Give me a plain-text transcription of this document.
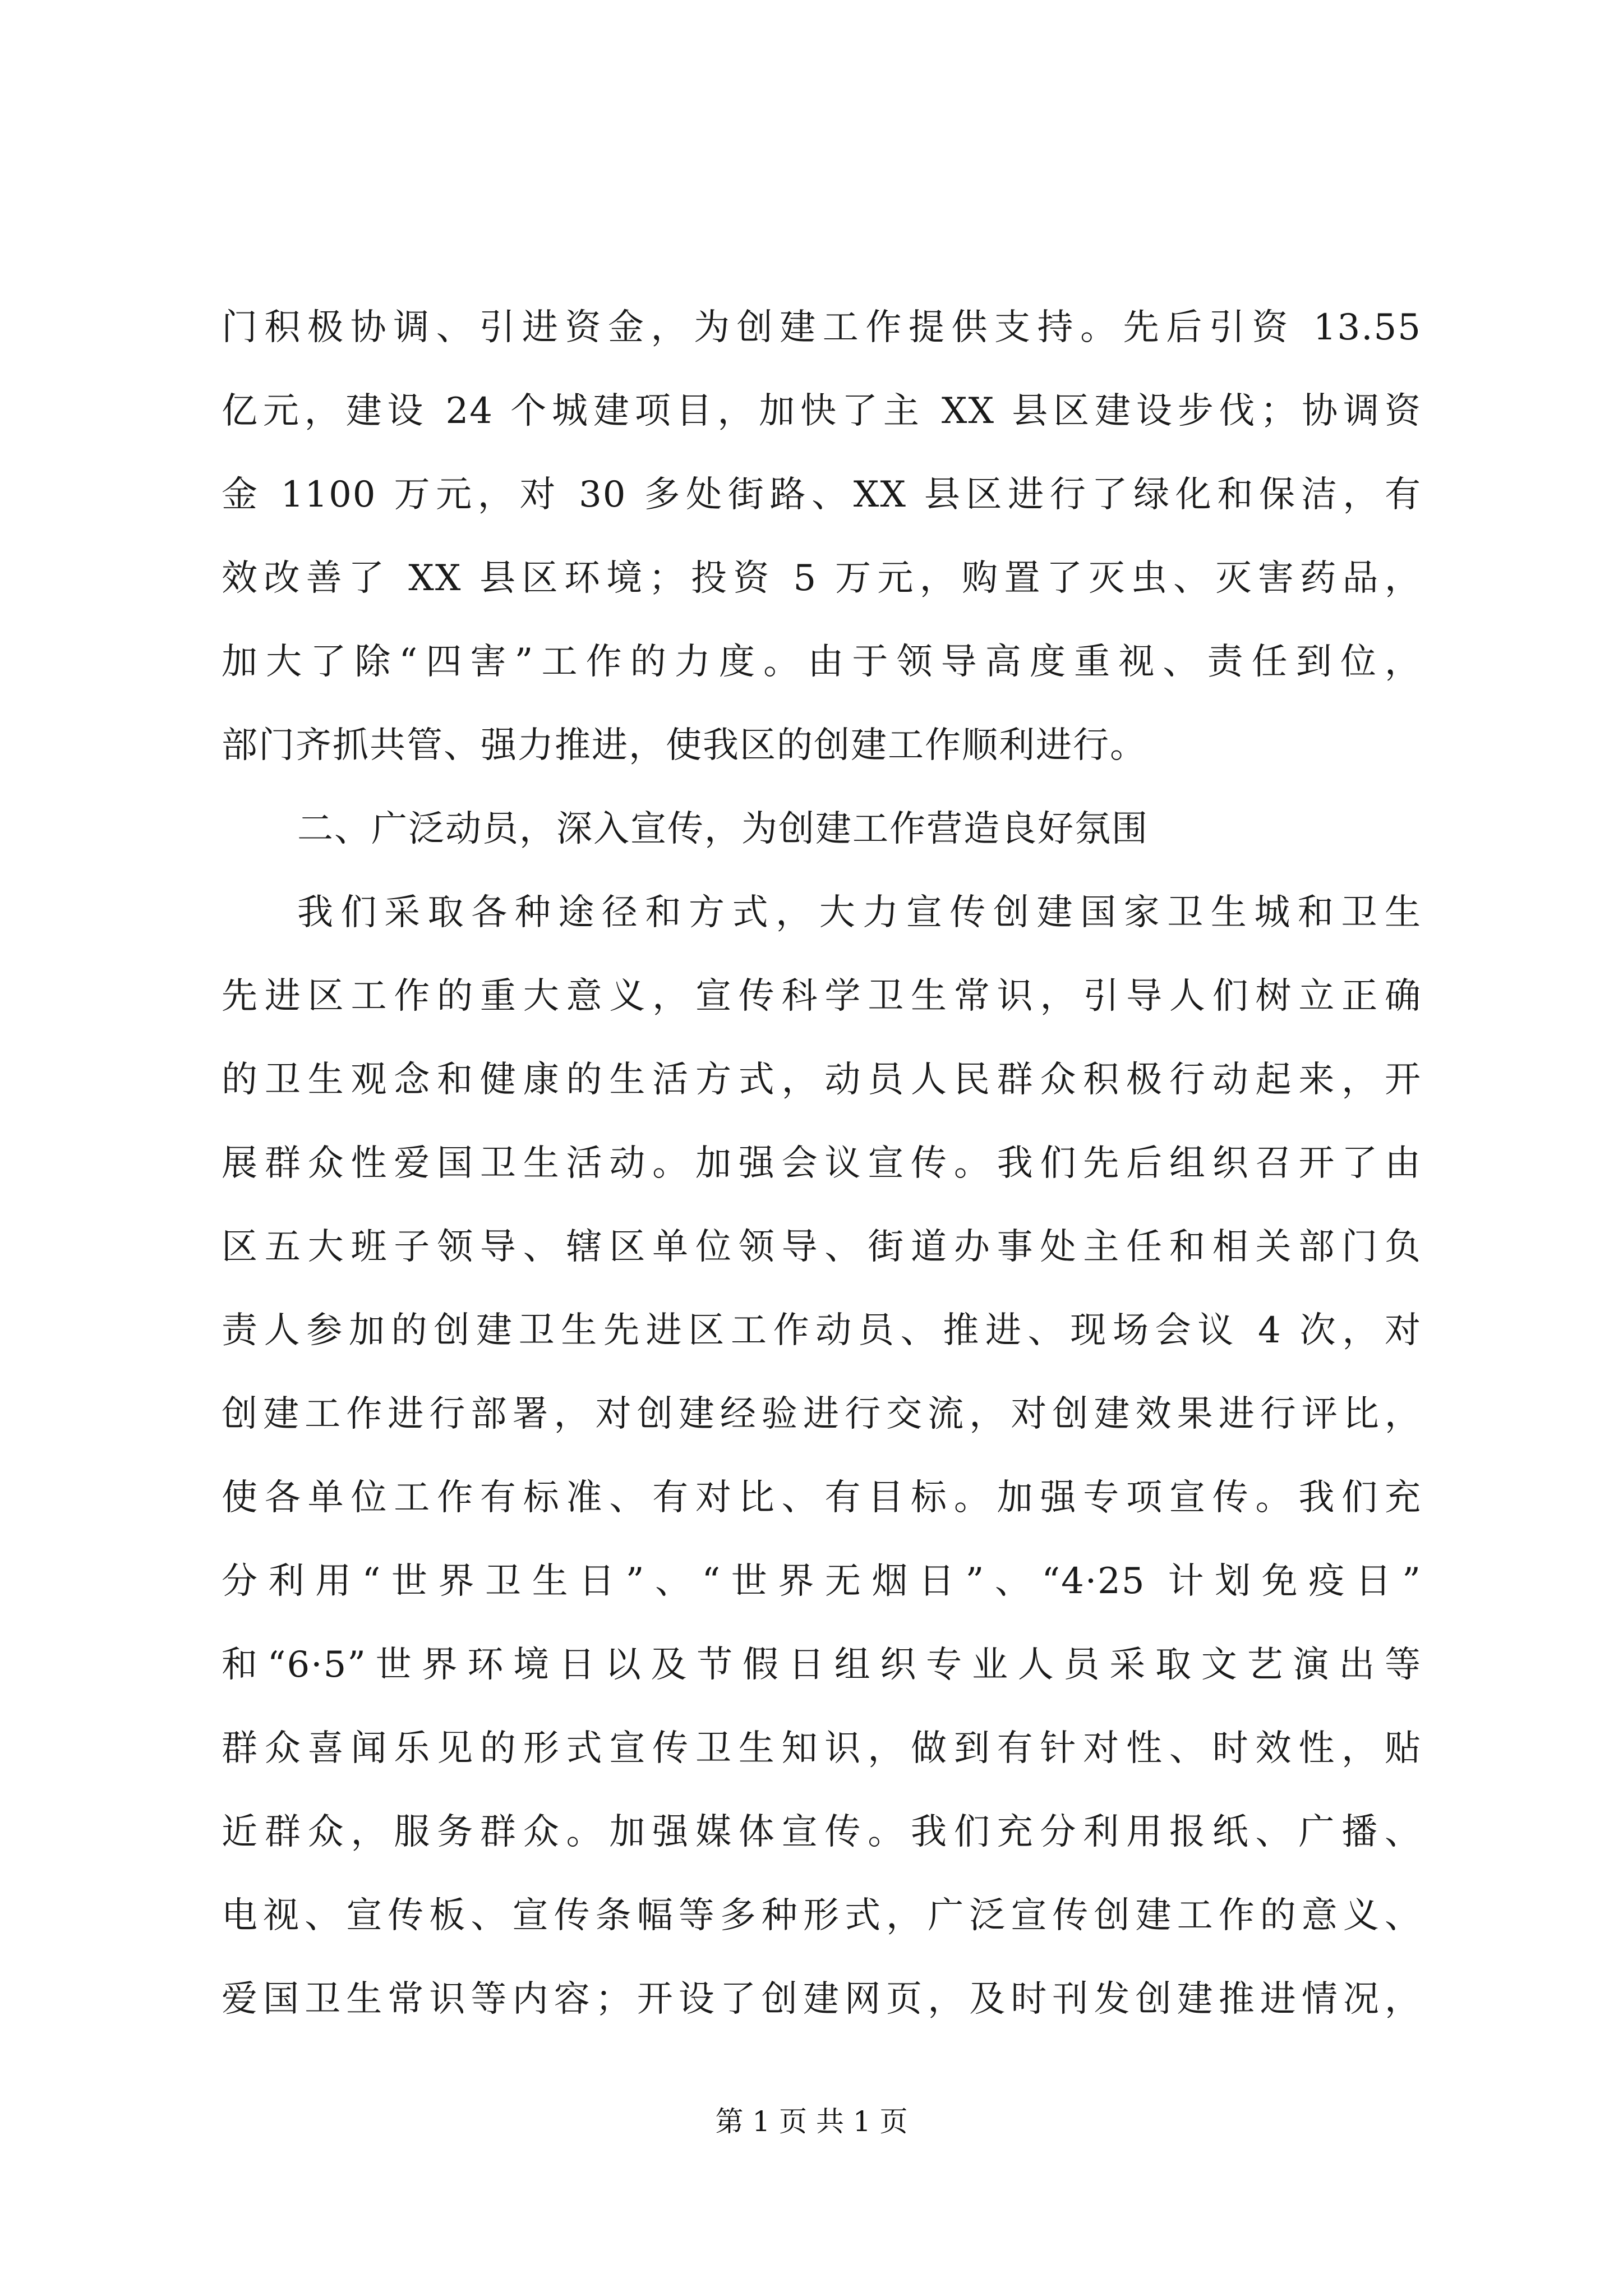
门积极协调、引进资金，为创建工作提供支持。先后引资 13.55
亿元，建设 24 个城建项目，加快了主 XX 县区建设步伐；协调资
金 1100 万元，对 30 多处街路、XX 县区进行了绿化和保洁，有
效改善了 XX 县区环境；投资 5 万元，购置了灭虫、灭害药品，
加大了除“四害”工作的力度。由于领导高度重视、责任到位，
部门齐抓共管、强力推进，使我区的创建工作顺利进行。
二、广泛动员，深入宣传，为创建工作营造良好氛围
我们采取各种途径和方式，大力宣传创建国家卫生城和卫生
先进区工作的重大意义，宣传科学卫生常识，引导人们树立正确
的卫生观念和健康的生活方式，动员人民群众积极行动起来，开
展群众性爱国卫生活动。加强会议宣传。我们先后组织召开了由
区五大班子领导、辖区单位领导、街道办事处主任和相关部门负
责人参加的创建卫生先进区工作动员、推进、现场会议 4 次，对
创建工作进行部署，对创建经验进行交流，对创建效果进行评比，
使各单位工作有标准、有对比、有目标。加强专项宣传。我们充
分利用“世界卫生日”、“世界无烟日”、“4·25 计划免疫日”
和“6·5”世界环境日以及节假日组织专业人员采取文艺演出等
群众喜闻乐见的形式宣传卫生知识，做到有针对性、时效性，贴
近群众，服务群众。加强媒体宣传。我们充分利用报纸、广播、
电视、宣传板、宣传条幅等多种形式，广泛宣传创建工作的意义、
爱国卫生常识等内容；开设了创建网页，及时刊发创建推进情况，
第 1 页 共 1 页
